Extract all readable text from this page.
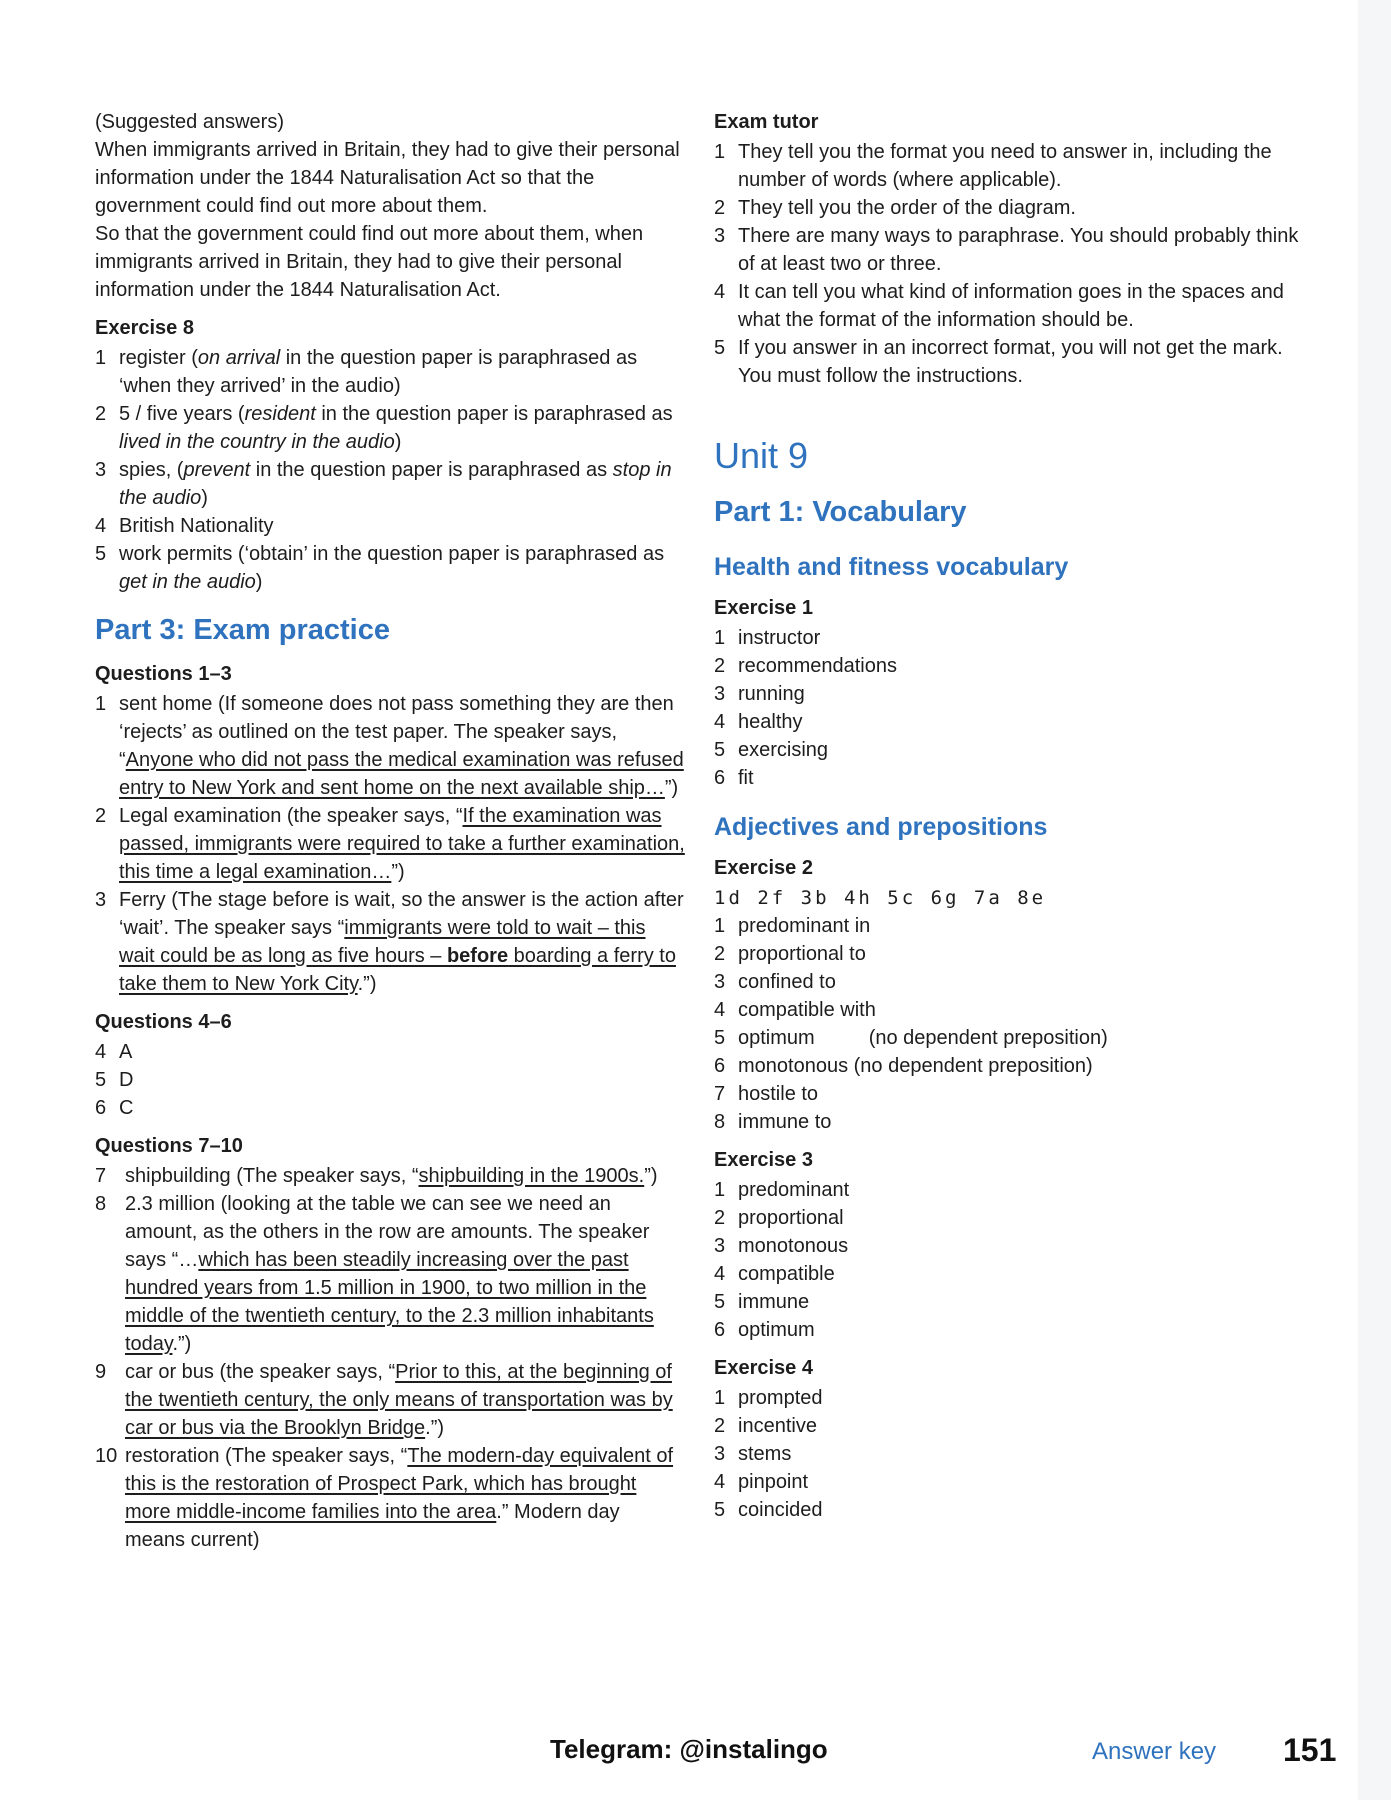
(Suggested answers)

When immigrants arrived in Britain, they had to give their personal information under the 1844 Naturalisation Act so that the government could find out more about them.

So that the government could find out more about them, when immigrants arrived in Britain, they had to give their personal information under the 1844 Naturalisation Act.

Exercise 8
1 register (on arrival in the question paper is paraphrased as ‘when they arrived’ in the audio)
2 5 / five years (resident in the question paper is paraphrased as lived in the country in the audio)
3 spies, (prevent in the question paper is paraphrased as stop in the audio)
4 British Nationality
5 work permits (‘obtain’ in the question paper is paraphrased as get in the audio)
Part 3: Exam practice
Questions 1–3
1 sent home (If someone does not pass something they are then ‘rejects’ as outlined on the test paper. The speaker says, “Anyone who did not pass the medical examination was refused entry to New York and sent home on the next available ship…”)
2 Legal examination (the speaker says, “If the examination was passed, immigrants were required to take a further examination, this time a legal examination…”)
3 Ferry (The stage before is wait, so the answer is the action after ‘wait’. The speaker says “immigrants were told to wait – this wait could be as long as five hours – before boarding a ferry to take them to New York City.”)
Questions 4–6
4 A
5 D
6 C
Questions 7–10
7 shipbuilding (The speaker says, “shipbuilding in the 1900s.”)
8 2.3 million (looking at the table we can see we need an amount, as the others in the row are amounts. The speaker says “…which has been steadily increasing over the past hundred years from 1.5 million in 1900, to two million in the middle of the twentieth century, to the 2.3 million inhabitants today.”)
9 car or bus (the speaker says, “Prior to this, at the beginning of the twentieth century, the only means of transportation was by car or bus via the Brooklyn Bridge.”)
10 restoration (The speaker says, “The modern-day equivalent of this is the restoration of Prospect Park, which has brought more middle-income families into the area.” Modern day means current)
Exam tutor
1 They tell you the format you need to answer in, including the number of words (where applicable).
2 They tell you the order of the diagram.
3 There are many ways to paraphrase. You should probably think of at least two or three.
4 It can tell you what kind of information goes in the spaces and what the format of the information should be.
5 If you answer in an incorrect format, you will not get the mark. You must follow the instructions.
Unit 9
Part 1: Vocabulary
Health and fitness vocabulary
Exercise 1
1 instructor
2 recommendations
3 running
4 healthy
5 exercising
6 fit
Adjectives and prepositions
Exercise 2

1d 2f 3b 4h 5c 6g 7a 8e

1 predominant in
2 proportional to
3 confined to
4 compatible with
5 optimum	(no dependent preposition)
6 monotonous (no dependent preposition)
7 hostile to
8 immune to
Exercise 3
1 predominant
2 proportional
3 monotonous
4 compatible
5 immune
6 optimum
Exercise 4
1 prompted
2 incentive
3 stems
4 pinpoint
5 coincided
Telegram: @instalingo	Answer key 151
